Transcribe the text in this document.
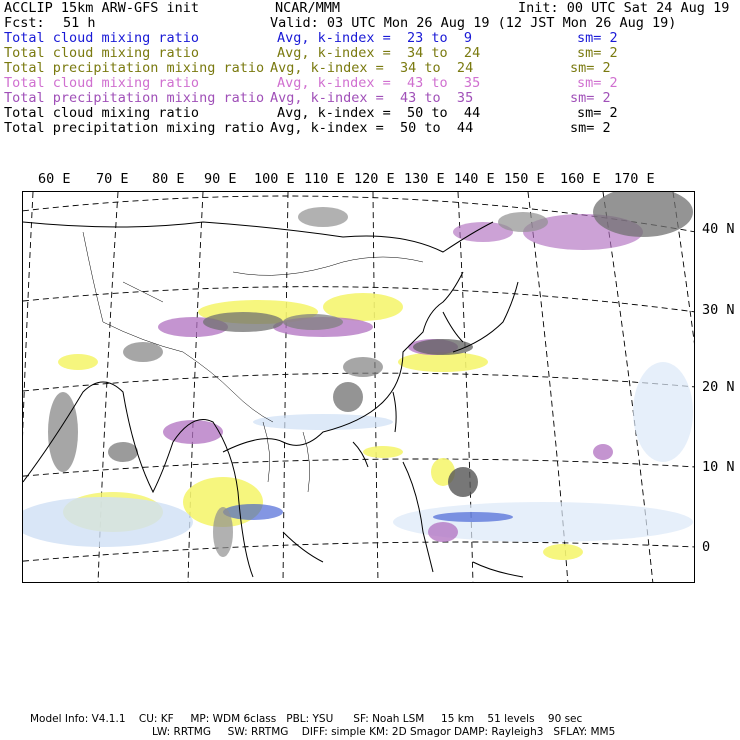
ACCLIP 15km ARW-GFS init	NCAR/MMM	Init: 00 UTC Sat 24 Aug 19
Fcst: 51 h	Valid: 03 UTC Mon 26 Aug 19 (12 JST Mon 26 Aug 19)
Total cloud mixing ratio	Avg, k-index =  23 to  9	sm= 2
Total cloud mixing ratio	Avg, k-index =  34 to  24	sm= 2
Total precipitation mixing ratio Avg, k-index =  34 to  24	sm= 2
Total cloud mixing ratio	Avg, k-index =  43 to  35	sm= 2
Total precipitation mixing ratio Avg, k-index =  43 to  35	sm= 2
Total cloud mixing ratio	Avg, k-index =  50 to  44	sm= 2
Total precipitation mixing ratio Avg, k-index =  50 to  44	sm= 2
60 E 70 E 80 E 90 E 100 E 110 E 120 E 130 E 140 E 150 E 160 E 170 E
40 N
30 N
20 N
10 N
0
Model Info: V4.1.1    CU: KF     MP: WDM 6class   PBL: YSU      SF: Noah LSM     15 km    51 levels    90 sec
LW: RRTMG     SW: RRTMG    DIFF: simple KM: 2D Smagor DAMP: Rayleigh3   SFLAY: MM5
